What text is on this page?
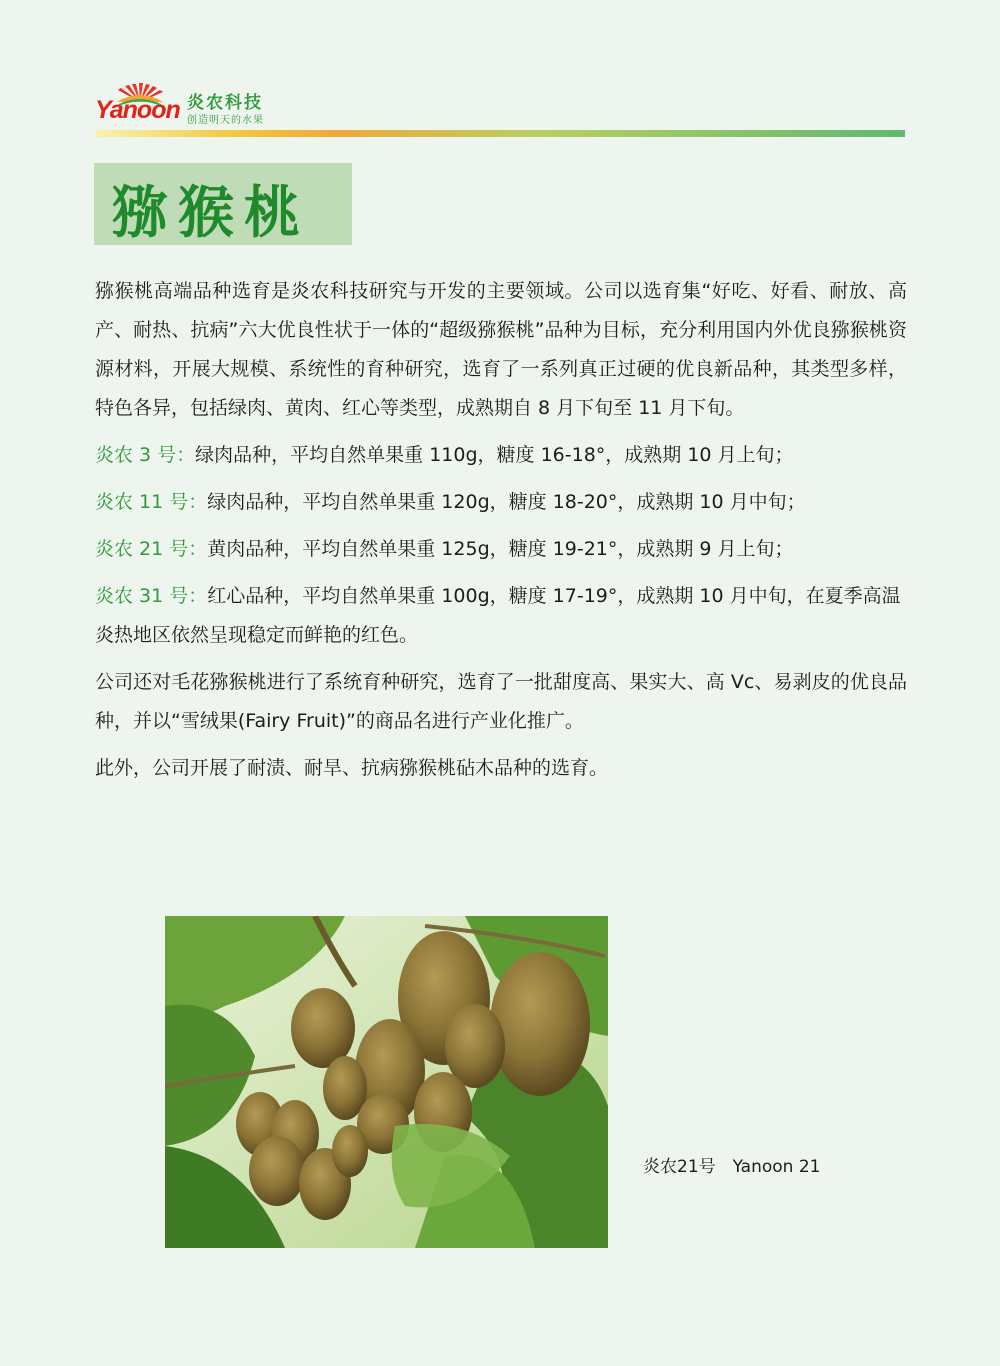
Yanoon 炎农科技
创造明天的水果
猕猴桃

猕猴桃高端品种选育是炎农科技研究与开发的主要领域。公司以选育集“好吃、好看、耐放、高产、耐热、抗病”六大优良性状于一体的“超级猕猴桃”品种为目标，充分利用国内外优良猕猴桃资源材料，开展大规模、系统性的育种研究，选育了一系列真正过硬的优良新品种，其类型多样，特色各异，包括绿肉、黄肉、红心等类型，成熟期自 8 月下旬至 11 月下旬。

炎农 3 号：绿肉品种，平均自然单果重 110g，糖度 16-18°，成熟期 10 月上旬；

炎农 11 号：绿肉品种，平均自然单果重 120g，糖度 18-20°，成熟期 10 月中旬；

炎农 21 号：黄肉品种，平均自然单果重 125g，糖度 19-21°，成熟期 9 月上旬；

炎农 31 号：红心品种，平均自然单果重 100g，糖度 17-19°，成熟期 10 月中旬，在夏季高温炎热地区依然呈现稳定而鲜艳的红色。

公司还对毛花猕猴桃进行了系统育种研究，选育了一批甜度高、果实大、高 Vc、易剥皮的优良品种，并以“雪绒果(Fairy Fruit)”的商品名进行产业化推广。

此外，公司开展了耐渍、耐旱、抗病猕猴桃砧木品种的选育。

炎农21号　Yanoon 21
